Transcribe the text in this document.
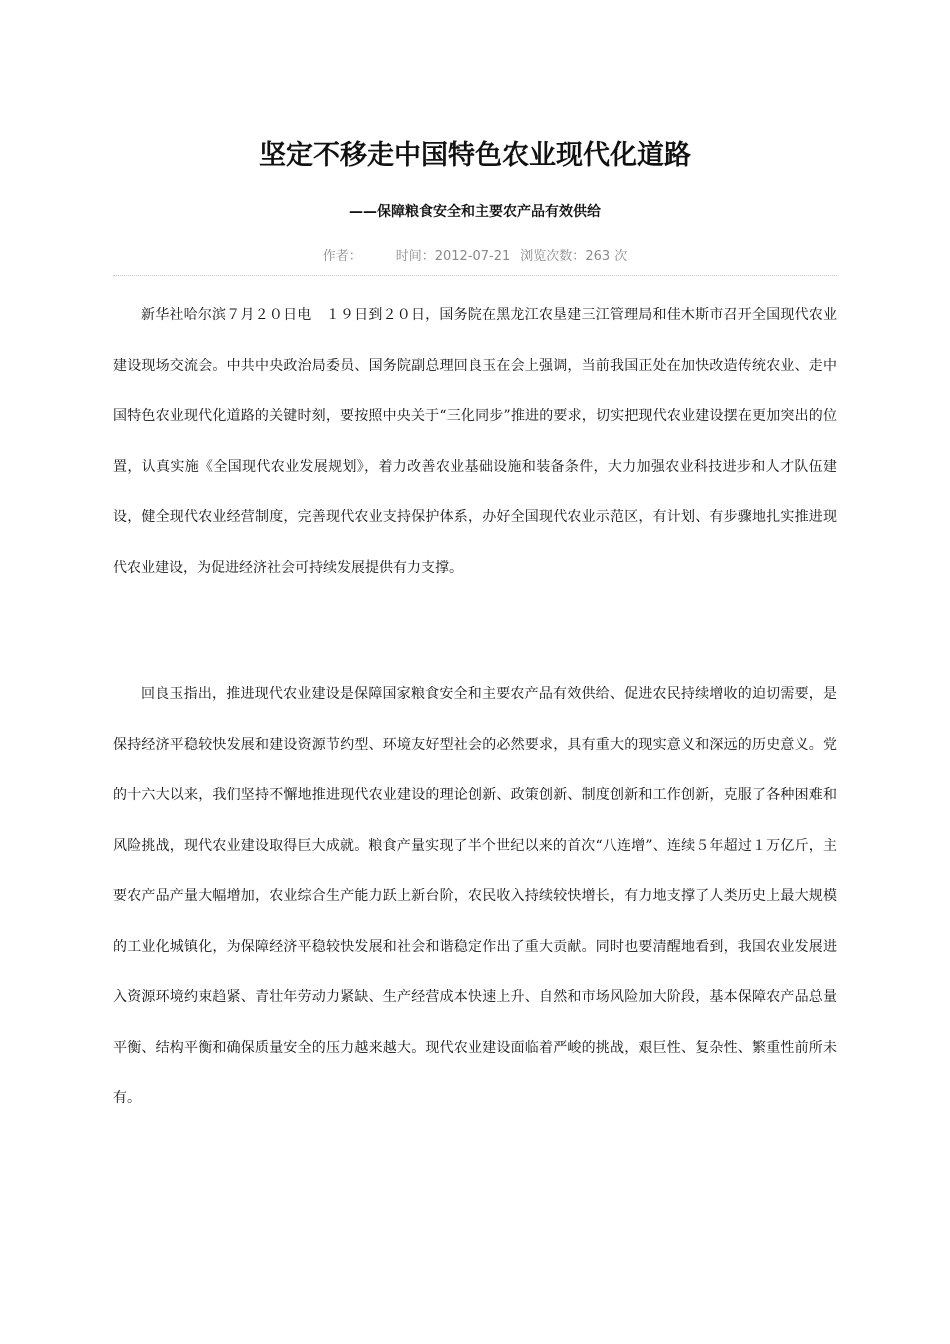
坚定不移走中国特色农业现代化道路
——保障粮食安全和主要农产品有效供给
作者：	时间：2012-07-21 浏览次数：263 次

新华社哈尔滨７月２０日电　１９日到２０日，国务院在黑龙江农垦建三江管理局和佳木斯市召开全国现代农业建设现场交流会。中共中央政治局委员、国务院副总理回良玉在会上强调，当前我国正处在加快改造传统农业、走中国特色农业现代化道路的关键时刻，要按照中央关于“三化同步”推进的要求，切实把现代农业建设摆在更加突出的位置，认真实施《全国现代农业发展规划》，着力改善农业基础设施和装备条件，大力加强农业科技进步和人才队伍建设，健全现代农业经营制度，完善现代农业支持保护体系，办好全国现代农业示范区，有计划、有步骤地扎实推进现代农业建设，为促进经济社会可持续发展提供有力支撑。

回良玉指出，推进现代农业建设是保障国家粮食安全和主要农产品有效供给、促进农民持续增收的迫切需要，是保持经济平稳较快发展和建设资源节约型、环境友好型社会的必然要求，具有重大的现实意义和深远的历史意义。党的十六大以来，我们坚持不懈地推进现代农业建设的理论创新、政策创新、制度创新和工作创新，克服了各种困难和风险挑战，现代农业建设取得巨大成就。粮食产量实现了半个世纪以来的首次“八连增”、连续５年超过１万亿斤，主要农产品产量大幅增加，农业综合生产能力跃上新台阶，农民收入持续较快增长，有力地支撑了人类历史上最大规模的工业化城镇化，为保障经济平稳较快发展和社会和谐稳定作出了重大贡献。同时也要清醒地看到，我国农业发展进入资源环境约束趋紧、青壮年劳动力紧缺、生产经营成本快速上升、自然和市场风险加大阶段，基本保障农产品总量平衡、结构平衡和确保质量安全的压力越来越大。现代农业建设面临着严峻的挑战，艰巨性、复杂性、繁重性前所未有。
